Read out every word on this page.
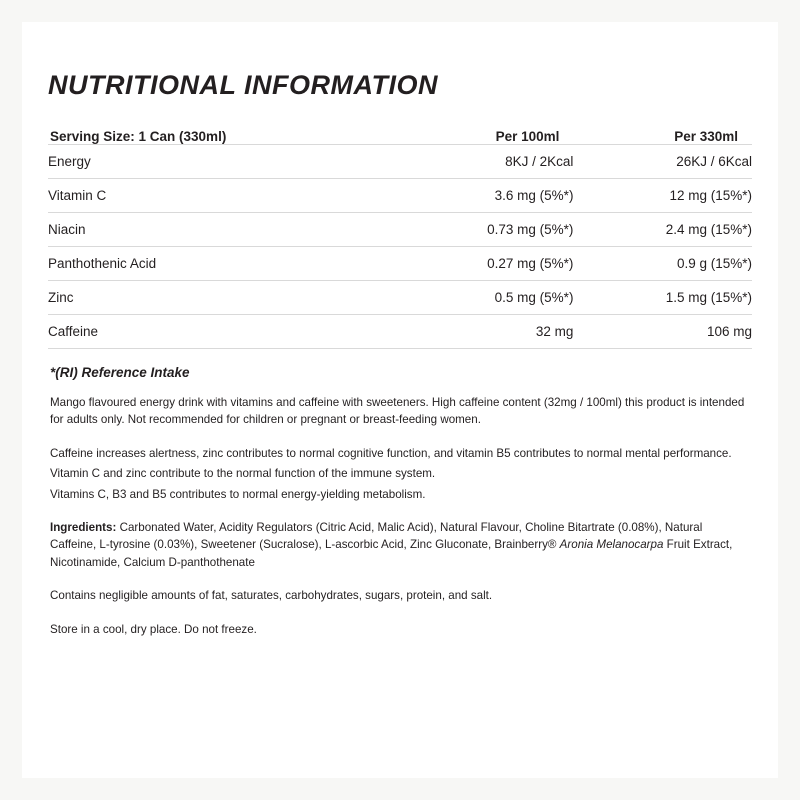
NUTRITIONAL INFORMATION
Serving Size: 1 Can (330ml)	Per 100ml	Per 330ml
Energy	8KJ / 2Kcal	26KJ / 6Kcal
Vitamin C	3.6 mg (5%*)	12 mg (15%*)
Niacin	0.73 mg (5%*)	2.4 mg (15%*)
Panthothenic Acid	0.27 mg (5%*)	0.9 g (15%*)
Zinc	0.5 mg (5%*)	1.5 mg (15%*)
Caffeine	32 mg	106 mg

*(RI) Reference Intake

Mango flavoured energy drink with vitamins and caffeine with sweeteners. High caffeine content (32mg / 100ml) this product is intended for adults only. Not recommended for children or pregnant or breast-feeding women.

Caffeine increases alertness, zinc contributes to normal cognitive function, and vitamin B5 contributes to normal mental performance.

Vitamin C and zinc contribute to the normal function of the immune system.

Vitamins C, B3 and B5 contributes to normal energy-yielding metabolism.

Ingredients: Carbonated Water, Acidity Regulators (Citric Acid, Malic Acid), Natural Flavour, Choline Bitartrate (0.08%), Natural Caffeine, L-tyrosine (0.03%), Sweetener (Sucralose), L-ascorbic Acid, Zinc Gluconate, Brainberry® Aronia Melanocarpa Fruit Extract, Nicotinamide, Calcium D-panthothenate

Contains negligible amounts of fat, saturates, carbohydrates, sugars, protein, and salt.

Store in a cool, dry place. Do not freeze.
